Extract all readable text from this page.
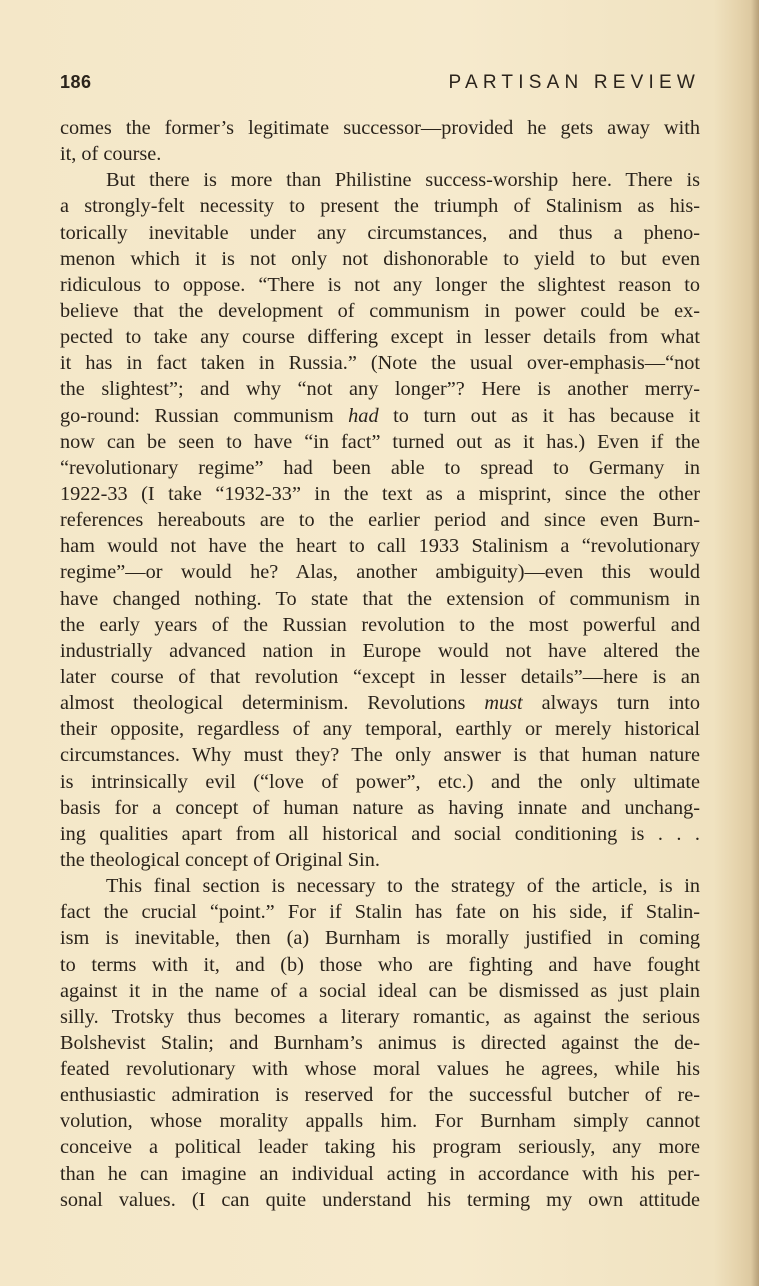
186	PARTISAN REVIEW
comes the former’s legitimate successor—provided he gets away with
it, of course.
But there is more than Philistine success-worship here. There is
a strongly-felt necessity to present the triumph of Stalinism as his-
torically inevitable under any circumstances, and thus a pheno-
menon which it is not only not dishonorable to yield to but even
ridiculous to oppose. “There is not any longer the slightest reason to
believe that the development of communism in power could be ex-
pected to take any course differing except in lesser details from what
it has in fact taken in Russia.” (Note the usual over-emphasis—“not
the slightest”; and why “not any longer”? Here is another merry-
go-round: Russian communism had to turn out as it has because it
now can be seen to have “in fact” turned out as it has.) Even if the
“revolutionary regime” had been able to spread to Germany in
1922-33 (I take “1932-33” in the text as a misprint, since the other
references hereabouts are to the earlier period and since even Burn-
ham would not have the heart to call 1933 Stalinism a “revolutionary
regime”—or would he? Alas, another ambiguity)—even this would
have changed nothing. To state that the extension of communism in
the early years of the Russian revolution to the most powerful and
industrially advanced nation in Europe would not have altered the
later course of that revolution “except in lesser details”—here is an
almost theological determinism. Revolutions must always turn into
their opposite, regardless of any temporal, earthly or merely historical
circumstances. Why must they? The only answer is that human nature
is intrinsically evil (“love of power”, etc.) and the only ultimate
basis for a concept of human nature as having innate and unchang-
ing qualities apart from all historical and social conditioning is . . .
the theological concept of Original Sin.
This final section is necessary to the strategy of the article, is in
fact the crucial “point.” For if Stalin has fate on his side, if Stalin-
ism is inevitable, then (a) Burnham is morally justified in coming
to terms with it, and (b) those who are fighting and have fought
against it in the name of a social ideal can be dismissed as just plain
silly. Trotsky thus becomes a literary romantic, as against the serious
Bolshevist Stalin; and Burnham’s animus is directed against the de-
feated revolutionary with whose moral values he agrees, while his
enthusiastic admiration is reserved for the successful butcher of re-
volution, whose morality appalls him. For Burnham simply cannot
conceive a political leader taking his program seriously, any more
than he can imagine an individual acting in accordance with his per-
sonal values. (I can quite understand his terming my own attitude
